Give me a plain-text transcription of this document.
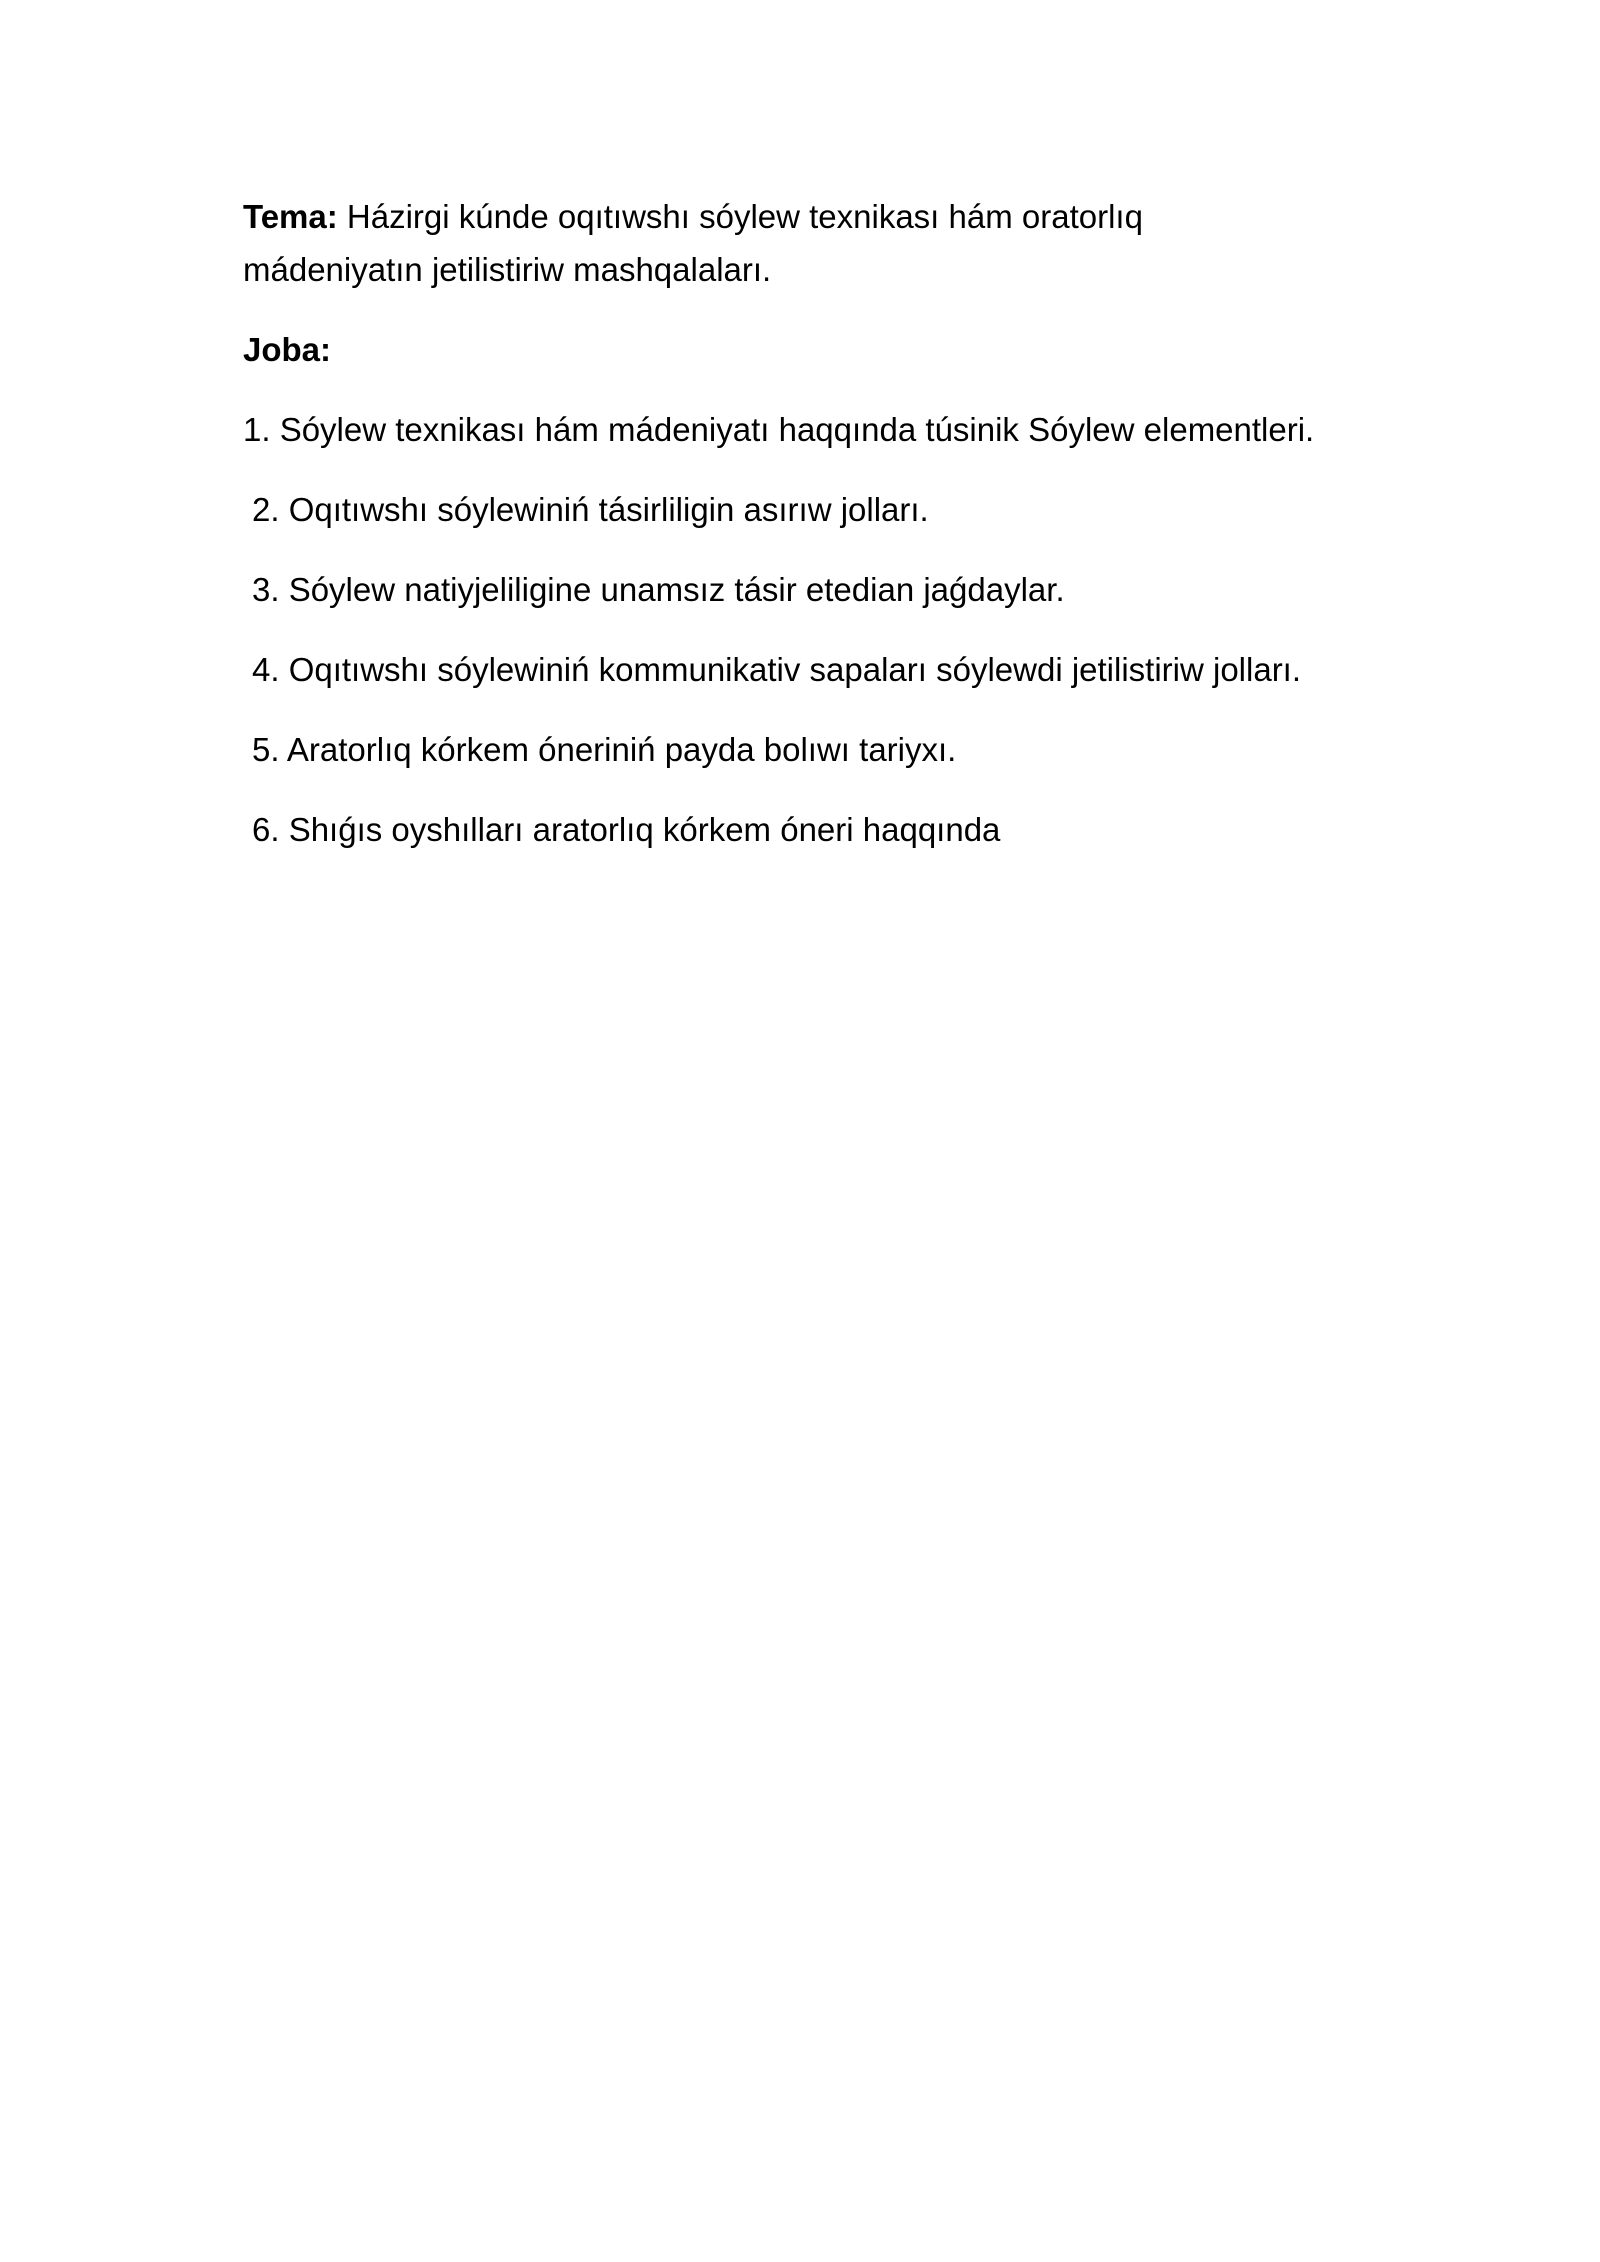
Tema: Házirgi kúnde oqıtıwshı sóylew texnikası hám oratorlıq mádeniyatın jetilistiriw mashqalaları.

Joba:

1. Sóylew texnikası hám mádeniyatı haqqında túsinik Sóylew elementleri.

2. Oqıtıwshı sóylewiniń tásirliligin asırıw jolları.

3. Sóylew natiyjeliligine unamsız tásir etedian jaǵdaylar.

4. Oqıtıwshı sóylewiniń kommunikativ sapaları sóylewdi jetilistiriw jolları.

5. Aratorlıq kórkem óneriniń payda bolıwı tariyxı.

6. Shıǵıs oyshılları aratorlıq kórkem óneri haqqında
